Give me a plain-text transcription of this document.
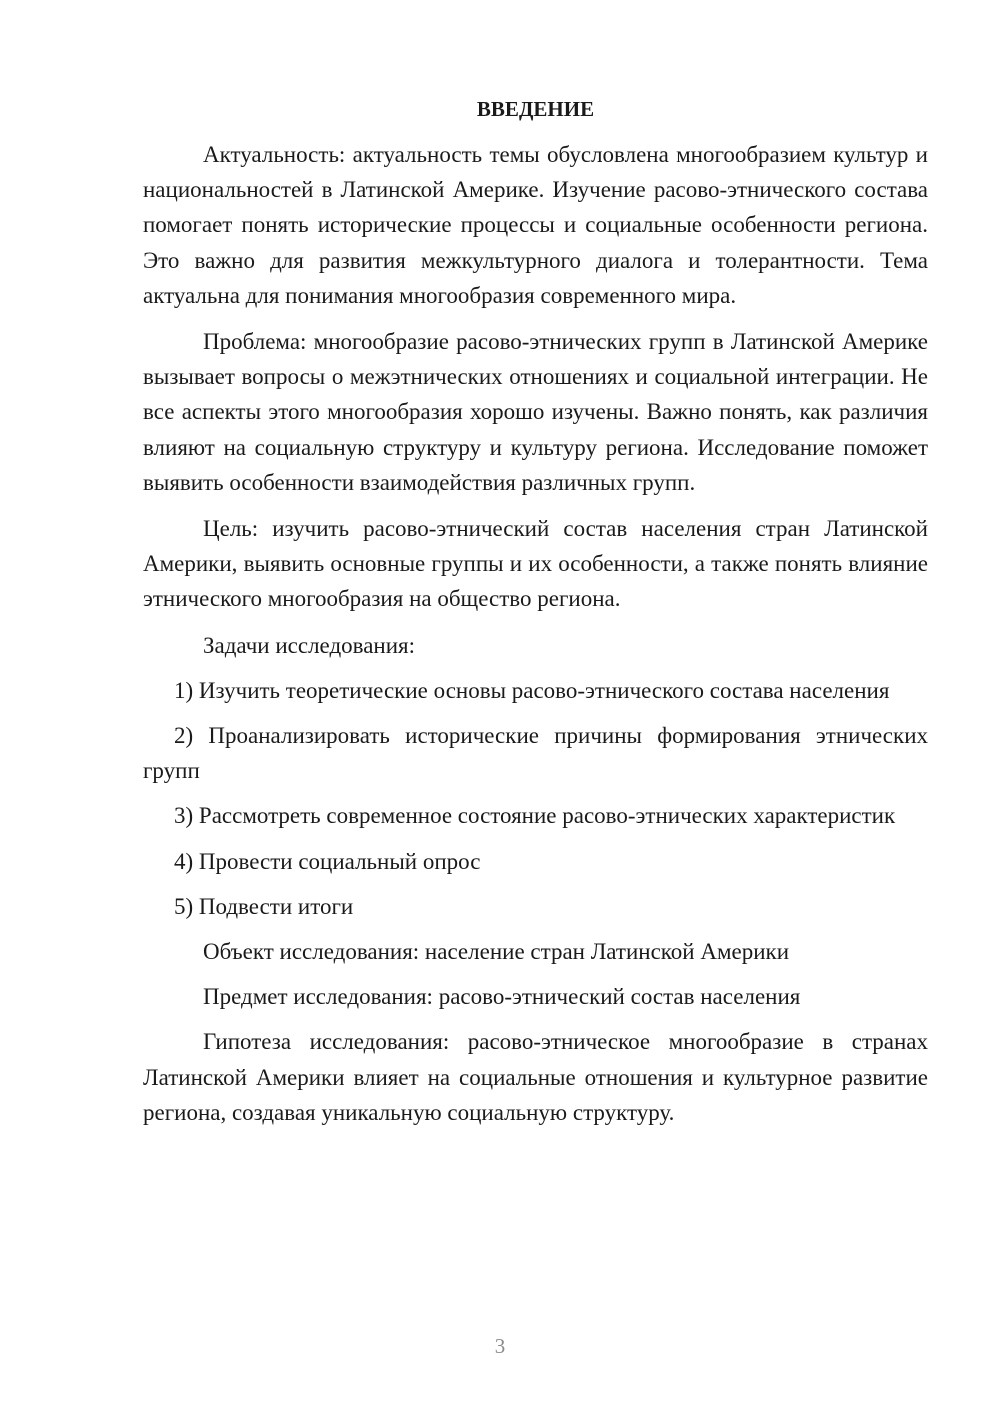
ВВЕДЕНИЕ

Актуальность: актуальность темы обусловлена многообразием культур и национальностей в Латинской Америке. Изучение расово-этнического состава помогает понять исторические процессы и социальные особенности региона. Это важно для развития межкультурного диалога и толерантности. Тема актуальна для понимания многообразия современного мира.

Проблема: многообразие расово-этнических групп в Латинской Америке вызывает вопросы о межэтнических отношениях и социальной интеграции. Не все аспекты этого многообразия хорошо изучены. Важно понять, как различия влияют на социальную структуру и культуру региона. Исследование поможет выявить особенности взаимодействия различных групп.

Цель: изучить расово-этнический состав населения стран Латинской Америки, выявить основные группы и их особенности, а также понять влияние этнического многообразия на общество региона.

Задачи исследования:

1) Изучить теоретические основы расово-этнического состава населения

2) Проанализировать исторические причины формирования этнических групп

3) Рассмотреть современное состояние расово-этнических характеристик

4) Провести социальный опрос

5) Подвести итоги

Объект исследования: население стран Латинской Америки

Предмет исследования: расово-этнический состав населения

Гипотеза исследования: расово-этническое многообразие в странах Латинской Америки влияет на социальные отношения и культурное развитие региона, создавая уникальную социальную структуру.

3
